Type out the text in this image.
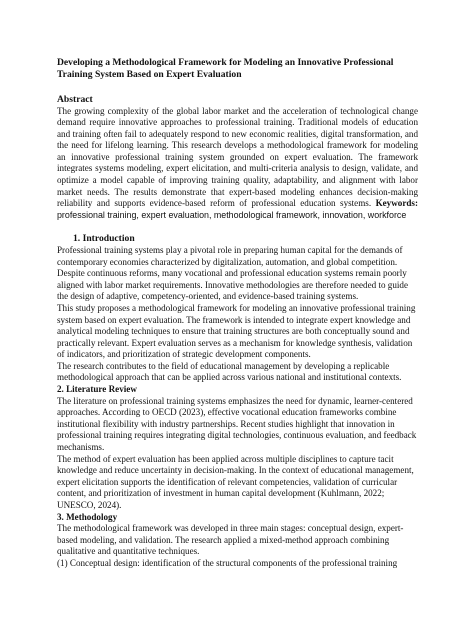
Developing a Methodological Framework for Modeling an Innovative Professional Training System Based on Expert Evaluation

Abstract

The growing complexity of the global labor market and the acceleration of technological change demand require innovative approaches to professional training. Traditional models of education and training often fail to adequately respond to new economic realities, digital transformation, and the need for lifelong learning. This research develops a methodological framework for modeling an innovative professional training system grounded on expert evaluation. The framework integrates systems modeling, expert elicitation, and multi-criteria analysis to design, validate, and optimize a model capable of improving training quality, adaptability, and alignment with labor market needs. The results demonstrate that expert-based modeling enhances decision-making reliability and supports evidence-based reform of professional education systems. Keywords: professional training, expert evaluation, methodological framework, innovation, workforce

1. Introduction

Professional training systems play a pivotal role in preparing human capital for the demands of contemporary economies characterized by digitalization, automation, and global competition. Despite continuous reforms, many vocational and professional education systems remain poorly aligned with labor market requirements. Innovative methodologies are therefore needed to guide the design of adaptive, competency-oriented, and evidence-based training systems.

This study proposes a methodological framework for modeling an innovative professional training system based on expert evaluation. The framework is intended to integrate expert knowledge and analytical modeling techniques to ensure that training structures are both conceptually sound and practically relevant. Expert evaluation serves as a mechanism for knowledge synthesis, validation of indicators, and prioritization of strategic development components.

The research contributes to the field of educational management by developing a replicable methodological approach that can be applied across various national and institutional contexts.

2. Literature Review

The literature on professional training systems emphasizes the need for dynamic, learner-centered approaches. According to OECD (2023), effective vocational education frameworks combine institutional flexibility with industry partnerships. Recent studies highlight that innovation in professional training requires integrating digital technologies, continuous evaluation, and feedback mechanisms.

The method of expert evaluation has been applied across multiple disciplines to capture tacit knowledge and reduce uncertainty in decision-making. In the context of educational management, expert elicitation supports the identification of relevant competencies, validation of curricular content, and prioritization of investment in human capital development (Kuhlmann, 2022; UNESCO, 2024).

3. Methodology

The methodological framework was developed in three main stages: conceptual design, expert-based modeling, and validation. The research applied a mixed-method approach combining qualitative and quantitative techniques.

(1) Conceptual design: identification of the structural components of the professional training
